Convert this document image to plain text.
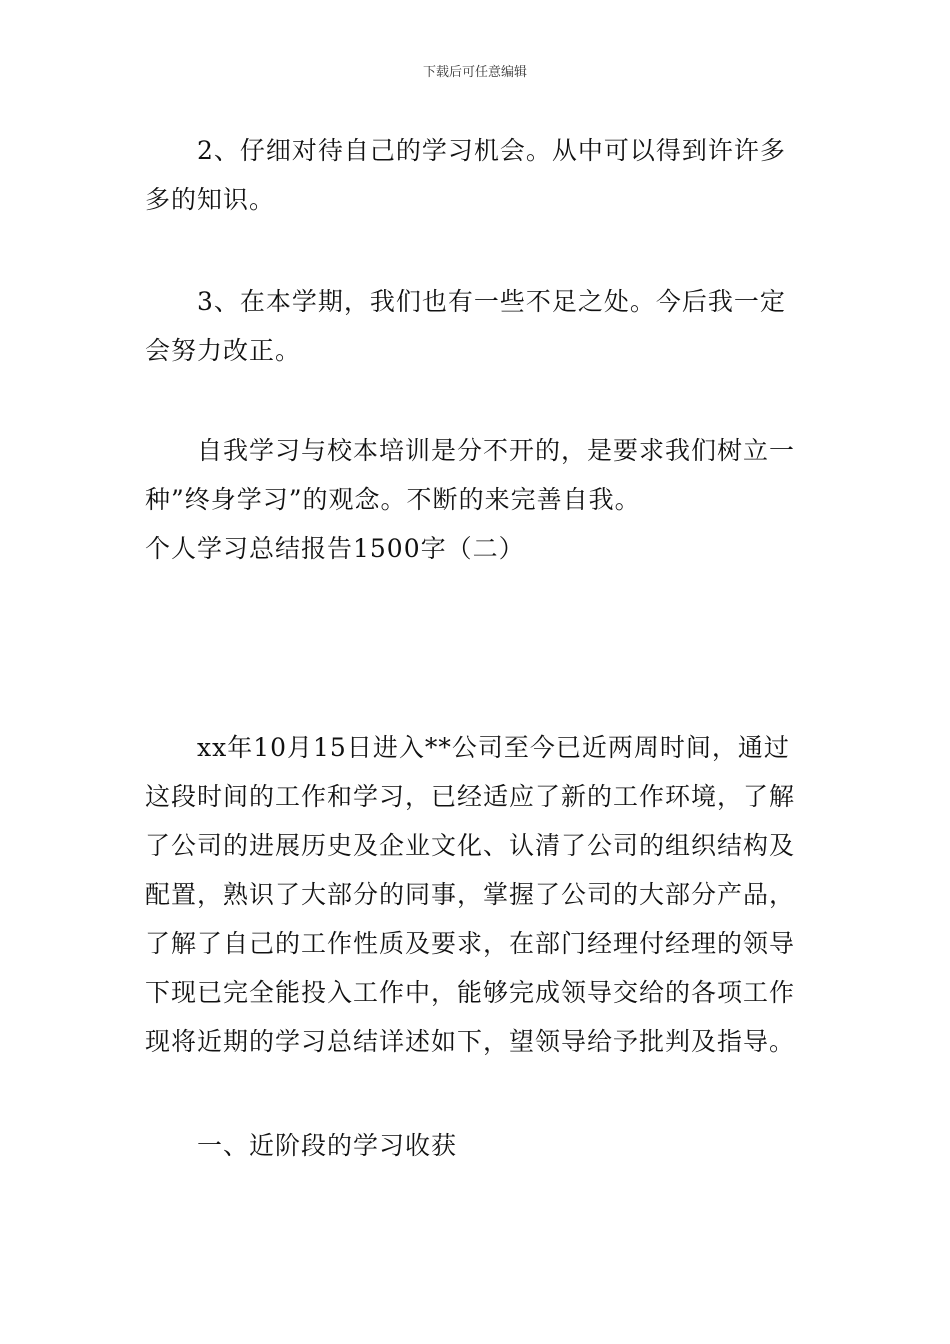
下载后可任意编辑

2、仔细对待自己的学习机会。从中可以得到许许多多的知识。

3、在本学期，我们也有一些不足之处。今后我一定会努力改正。

自我学习与校本培训是分不开的，是要求我们树立一种”终身学习”的观念。不断的来完善自我。

个人学习总结报告1500字（二）

xx年10月15日进入**公司至今已近两周时间，通过这段时间的工作和学习，已经适应了新的工作环境，了解了公司的进展历史及企业文化、认清了公司的组织结构及配置，熟识了大部分的同事，掌握了公司的大部分产品，了解了自己的工作性质及要求，在部门经理付经理的领导下现已完全能投入工作中，能够完成领导交给的各项工作现将近期的学习总结详述如下，望领导给予批判及指导。

一、近阶段的学习收获
